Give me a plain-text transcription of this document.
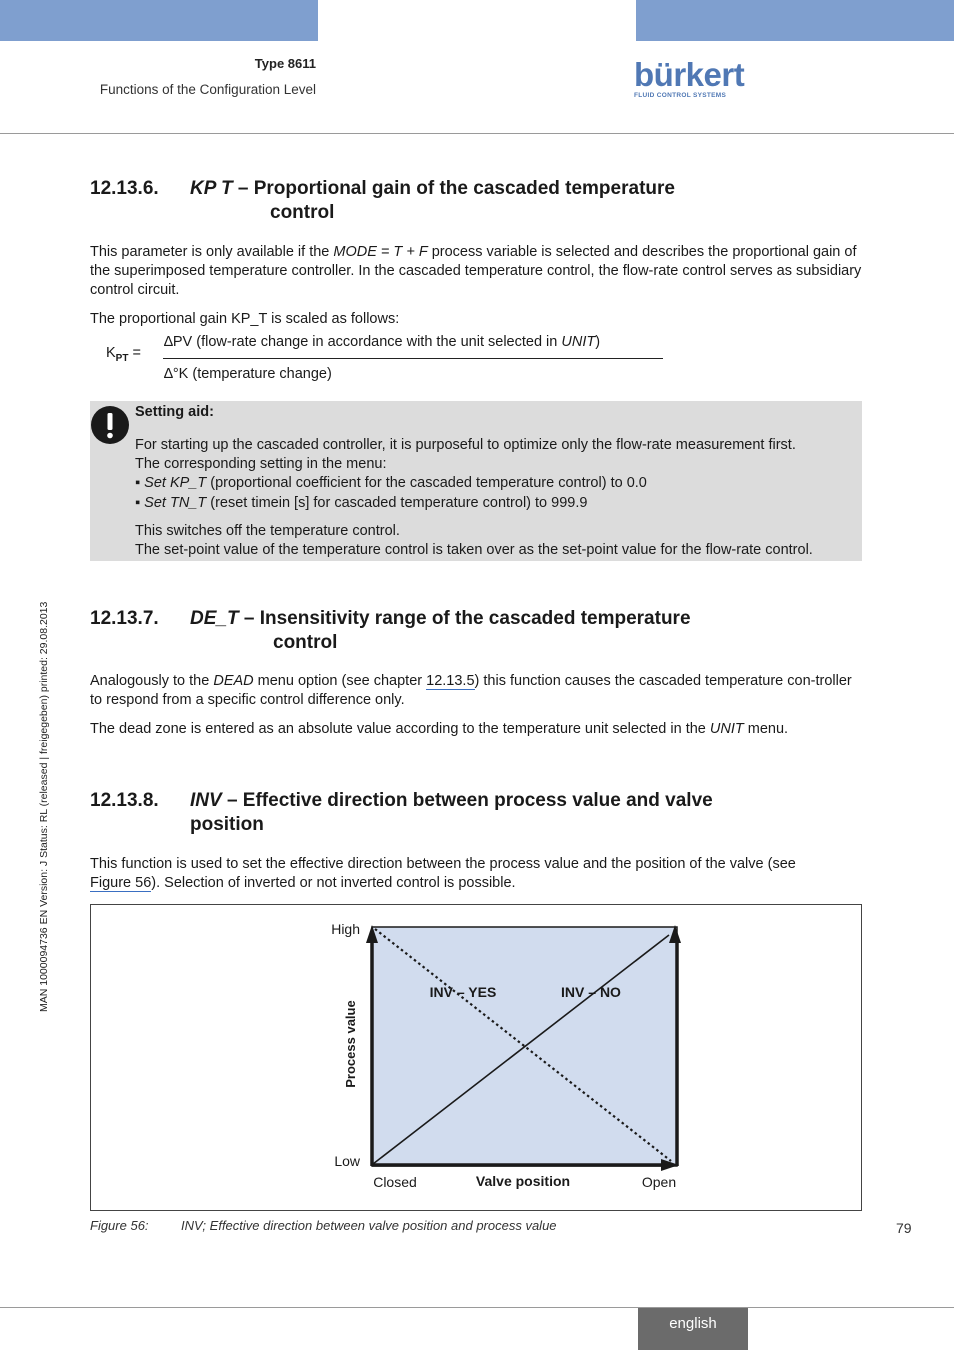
Type 8611
Functions of the Configuration Level	bürkert
FLUID CONTROL SYSTEMS
MAN 1000094736 EN Version: J Status: RL (released | freigegeben) printed: 29.08.2013
12.13.6. KP T – Proportional gain of the cascaded temperature
control
This parameter is only available if the MODE = T + F process variable is selected and describes the proportional gain of the superimposed temperature controller. In the cascaded temperature control, the flow-rate control serves as subsidiary control circuit.
The proportional gain KP_T is scaled as follows:
$K_{PT}$ =
∆PV (flow-rate change in accordance with the unit selected in UNIT)
∆°K (temperature change)
Setting aid:
For starting up the cascaded controller, it is purposeful to optimize only the flow-rate measurement first.
The corresponding setting in the menu:
▪ Set KP_T (proportional coefficient for the cascaded temperature control) to 0.0
▪ Set TN_T (reset timein [s] for cascaded temperature control) to 999.9
This switches off the temperature control.
The set-point value of the temperature control is taken over as the set-point value for the flow-rate control.
12.13.7. DE_T – Insensitivity range of the cascaded temperature
control
Analogously to the DEAD menu option (see chapter 12.13.5) this function causes the cascaded temperature con-troller to respond from a specific control difference only.
The dead zone is entered as an absolute value according to the temperature unit selected in the UNIT menu.
12.13.8. INV – Effective direction between process value and valve
position
This function is used to set the effective direction between the process value and the position of the valve (see Figure 56). Selection of inverted or not inverted control is possible.
High
Low
Process value
Closed	Open
Valve position
INV – YES	INV – NO
Figure 56: INV; Effective direction between valve position and process value	79
english
